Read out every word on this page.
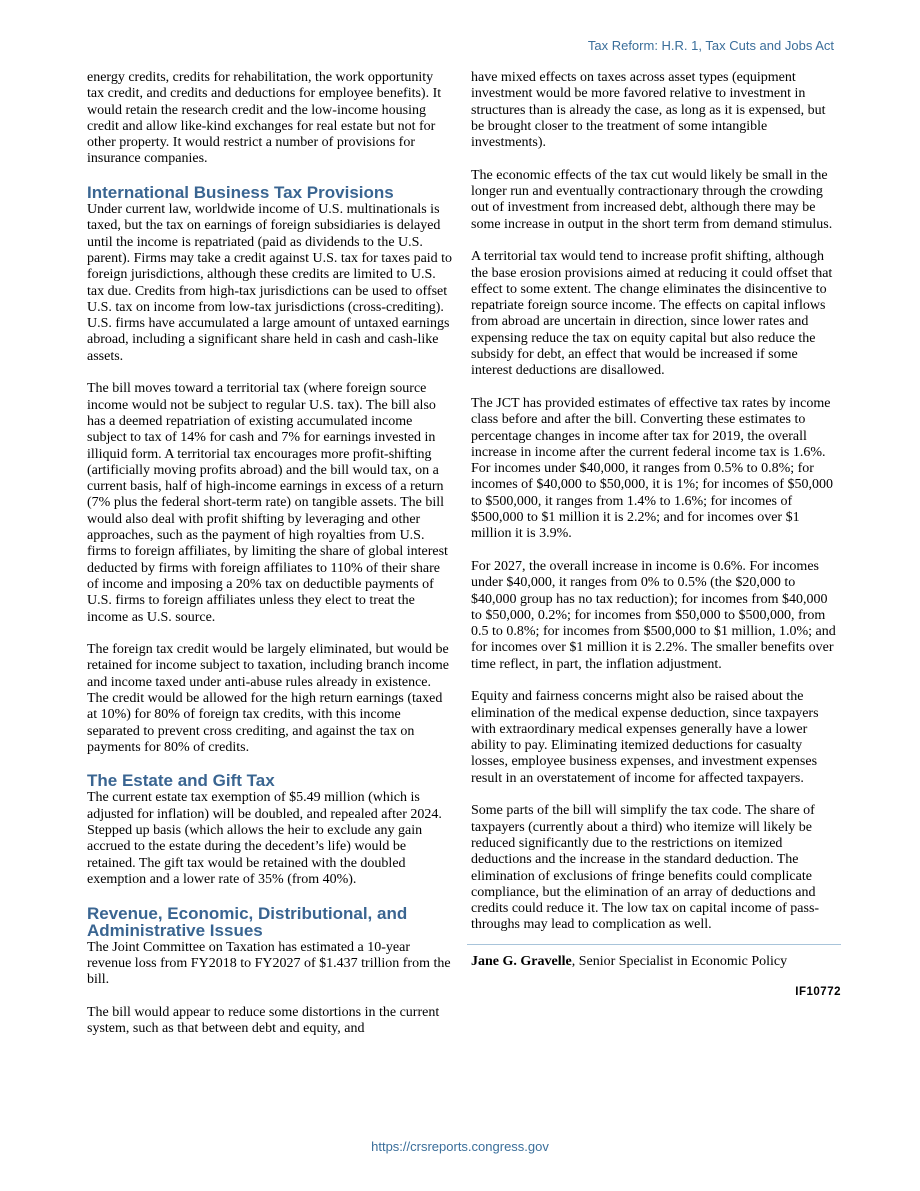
Tax Reform: H.R. 1, Tax Cuts and Jobs Act

energy credits, credits for rehabilitation, the work opportunity tax credit, and credits and deductions for employee benefits). It would retain the research credit and the low-income housing credit and allow like-kind exchanges for real estate but not for other property. It would restrict a number of provisions for insurance companies.

International Business Tax Provisions

Under current law, worldwide income of U.S. multinationals is taxed, but the tax on earnings of foreign subsidiaries is delayed until the income is repatriated (paid as dividends to the U.S. parent). Firms may take a credit against U.S. tax for taxes paid to foreign jurisdictions, although these credits are limited to U.S. tax due. Credits from high-tax jurisdictions can be used to offset U.S. tax on income from low-tax jurisdictions (cross-crediting). U.S. firms have accumulated a large amount of untaxed earnings abroad, including a significant share held in cash and cash-like assets.

The bill moves toward a territorial tax (where foreign source income would not be subject to regular U.S. tax). The bill also has a deemed repatriation of existing accumulated income subject to tax of 14% for cash and 7% for earnings invested in illiquid form. A territorial tax encourages more profit-shifting (artificially moving profits abroad) and the bill would tax, on a current basis, half of high-income earnings in excess of a return (7% plus the federal short-term rate) on tangible assets. The bill would also deal with profit shifting by leveraging and other approaches, such as the payment of high royalties from U.S. firms to foreign affiliates, by limiting the share of global interest deducted by firms with foreign affiliates to 110% of their share of income and imposing a 20% tax on deductible payments of U.S. firms to foreign affiliates unless they elect to treat the income as U.S. source.

The foreign tax credit would be largely eliminated, but would be retained for income subject to taxation, including branch income and income taxed under anti-abuse rules already in existence. The credit would be allowed for the high return earnings (taxed at 10%) for 80% of foreign tax credits, with this income separated to prevent cross crediting, and against the tax on payments for 80% of credits.

The Estate and Gift Tax

The current estate tax exemption of $5.49 million (which is adjusted for inflation) will be doubled, and repealed after 2024. Stepped up basis (which allows the heir to exclude any gain accrued to the estate during the decedent’s life) would be retained. The gift tax would be retained with the doubled exemption and a lower rate of 35% (from 40%).

Revenue, Economic, Distributional, and Administrative Issues

The Joint Committee on Taxation has estimated a 10-year revenue loss from FY2018 to FY2027 of $1.437 trillion from the bill.

The bill would appear to reduce some distortions in the current system, such as that between debt and equity, and

have mixed effects on taxes across asset types (equipment investment would be more favored relative to investment in structures than is already the case, as long as it is expensed, but be brought closer to the treatment of some intangible investments).

The economic effects of the tax cut would likely be small in the longer run and eventually contractionary through the crowding out of investment from increased debt, although there may be some increase in output in the short term from demand stimulus.

A territorial tax would tend to increase profit shifting, although the base erosion provisions aimed at reducing it could offset that effect to some extent. The change eliminates the disincentive to repatriate foreign source income. The effects on capital inflows from abroad are uncertain in direction, since lower rates and expensing reduce the tax on equity capital but also reduce the subsidy for debt, an effect that would be increased if some interest deductions are disallowed.

The JCT has provided estimates of effective tax rates by income class before and after the bill. Converting these estimates to percentage changes in income after tax for 2019, the overall increase in income after the current federal income tax is 1.6%. For incomes under $40,000, it ranges from 0.5% to 0.8%; for incomes of $40,000 to $50,000, it is 1%; for incomes of $50,000 to $500,000, it ranges from 1.4% to 1.6%; for incomes of $500,000 to $1 million it is 2.2%; and for incomes over $1 million it is 3.9%.

For 2027, the overall increase in income is 0.6%. For incomes under $40,000, it ranges from 0% to 0.5% (the $20,000 to $40,000 group has no tax reduction); for incomes from $40,000 to $50,000, 0.2%; for incomes from $50,000 to $500,000, from 0.5 to 0.8%; for incomes from $500,000 to $1 million, 1.0%; and for incomes over $1 million it is 2.2%. The smaller benefits over time reflect, in part, the inflation adjustment.

Equity and fairness concerns might also be raised about the elimination of the medical expense deduction, since taxpayers with extraordinary medical expenses generally have a lower ability to pay. Eliminating itemized deductions for casualty losses, employee business expenses, and investment expenses result in an overstatement of income for affected taxpayers.

Some parts of the bill will simplify the tax code. The share of taxpayers (currently about a third) who itemize will likely be reduced significantly due to the restrictions on itemized deductions and the increase in the standard deduction. The elimination of exclusions of fringe benefits could complicate compliance, but the elimination of an array of deductions and credits could reduce it. The low tax on capital income of pass-throughs may lead to complication as well.

Jane G. Gravelle, Senior Specialist in Economic Policy
IF10772
https://crsreports.congress.gov
